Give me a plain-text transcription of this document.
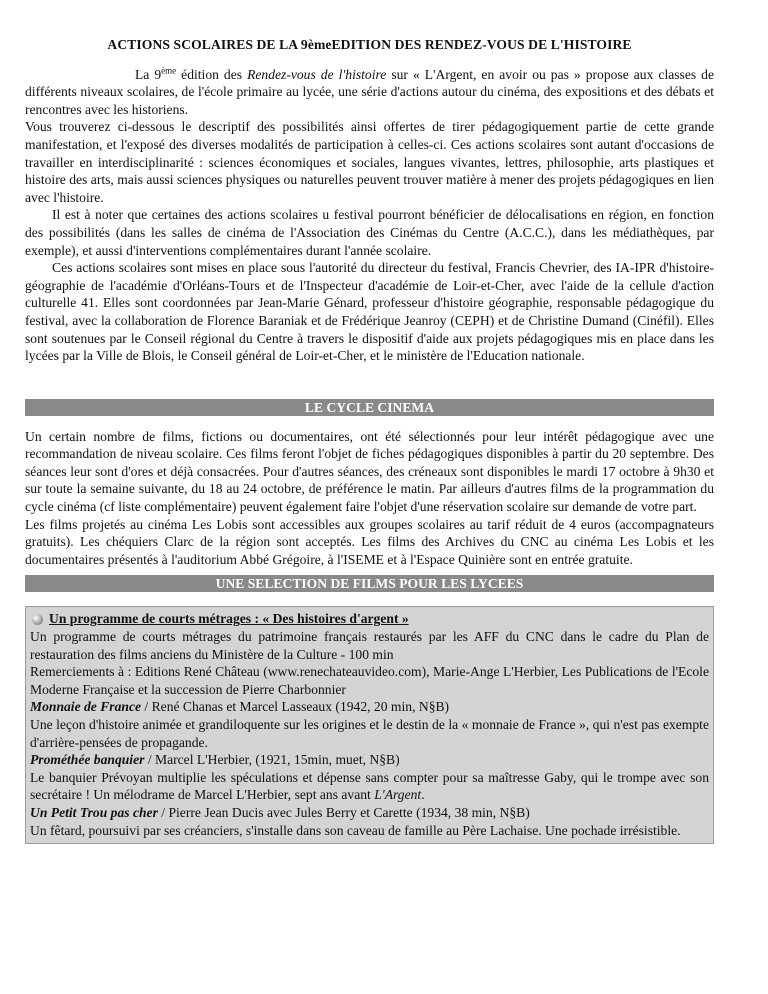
ACTIONS SCOLAIRES DE LA 9èmeEDITION DES RENDEZ-VOUS DE L'HISTOIRE

La 9ème édition des Rendez-vous de l'histoire sur « L'Argent, en avoir ou pas » propose aux classes de différents niveaux scolaires, de l'école primaire au lycée, une série d'actions autour du cinéma, des expositions et des débats et rencontres avec les historiens.

Vous trouverez ci-dessous le descriptif des possibilités ainsi offertes de tirer pédagogiquement partie de cette grande manifestation, et l'exposé des diverses modalités de participation à celles-ci. Ces actions scolaires sont autant d'occasions de travailler en interdisciplinarité : sciences économiques et sociales, langues vivantes, lettres, philosophie, arts plastiques et histoire des arts, mais aussi sciences physiques ou naturelles peuvent trouver matière à mener des projets pédagogiques en lien avec l'histoire.

Il est à noter que certaines des actions scolaires u festival pourront bénéficier de délocalisations en région, en fonction des possibilités (dans les salles de cinéma de l'Association des Cinémas du Centre (A.C.C.), dans les médiathèques, par exemple), et aussi d'interventions complémentaires durant l'année scolaire.

Ces actions scolaires sont mises en place sous l'autorité du directeur du festival, Francis Chevrier, des IA-IPR d'histoire-géographie de l'académie d'Orléans-Tours et de l'Inspecteur d'académie de Loir-et-Cher, avec l'aide de la cellule d'action culturelle 41. Elles sont coordonnées par Jean-Marie Génard, professeur d'histoire géographie, responsable pédagogique du festival, avec la collaboration de Florence Baraniak et de Frédérique Jeanroy (CEPH) et de Christine Dumand (Cinéfil). Elles sont soutenues par le Conseil régional du Centre à travers le dispositif d'aide aux projets pédagogiques mis en place dans les lycées par la Ville de Blois, le Conseil général de Loir-et-Cher, et le ministère de l'Education nationale.

LE CYCLE CINEMA

Un certain nombre de films, fictions ou documentaires, ont été sélectionnés pour leur intérêt pédagogique avec une recommandation de niveau scolaire. Ces films feront l'objet de fiches pédagogiques disponibles à partir du 20 septembre. Des séances leur sont d'ores et déjà consacrées. Pour d'autres séances, des créneaux sont disponibles le mardi 17 octobre à 9h30 et sur toute la semaine suivante, du 18 au 24 octobre, de préférence le matin. Par ailleurs d'autres films de la programmation du cycle cinéma (cf liste complémentaire) peuvent également faire l'objet d'une réservation scolaire sur demande de votre part.

Les films projetés au cinéma Les Lobis sont accessibles aux groupes scolaires au tarif réduit de 4 euros (accompagnateurs gratuits). Les chéquiers Clarc de la région sont acceptés. Les films des Archives du CNC au cinéma Les Lobis et les documentaires présentés à l'auditorium Abbé Grégoire, à l'ISEME et à l'Espace Quinière sont en entrée gratuite.

UNE SELECTION DE FILMS POUR LES LYCEES
Un programme de courts métrages : « Des histoires d'argent »

Un programme de courts métrages du patrimoine français restaurés par les AFF du CNC dans le cadre du Plan de restauration des films anciens du Ministère de la Culture - 100 min

Remerciements à : Editions René Château (www.renechateauvideo.com), Marie-Ange L'Herbier, Les Publications de l'Ecole Moderne Française et la succession de Pierre Charbonnier

Monnaie de France / René Chanas et Marcel Lasseaux (1942, 20 min, N§B)

Une leçon d'histoire animée et grandiloquente sur les origines et le destin de la « monnaie de France », qui n'est pas exempte d'arrière-pensées de propagande.

Prométhée banquier / Marcel L'Herbier, (1921, 15min, muet, N§B)

Le banquier Prévoyan multiplie les spéculations et dépense sans compter pour sa maîtresse Gaby, qui le trompe avec son secrétaire ! Un mélodrame de Marcel L'Herbier, sept ans avant L'Argent.

Un Petit Trou pas cher / Pierre Jean Ducis avec Jules Berry et Carette (1934, 38 min, N§B)

Un fêtard, poursuivi par ses créanciers, s'installe dans son caveau de famille au Père Lachaise. Une pochade irrésistible.
